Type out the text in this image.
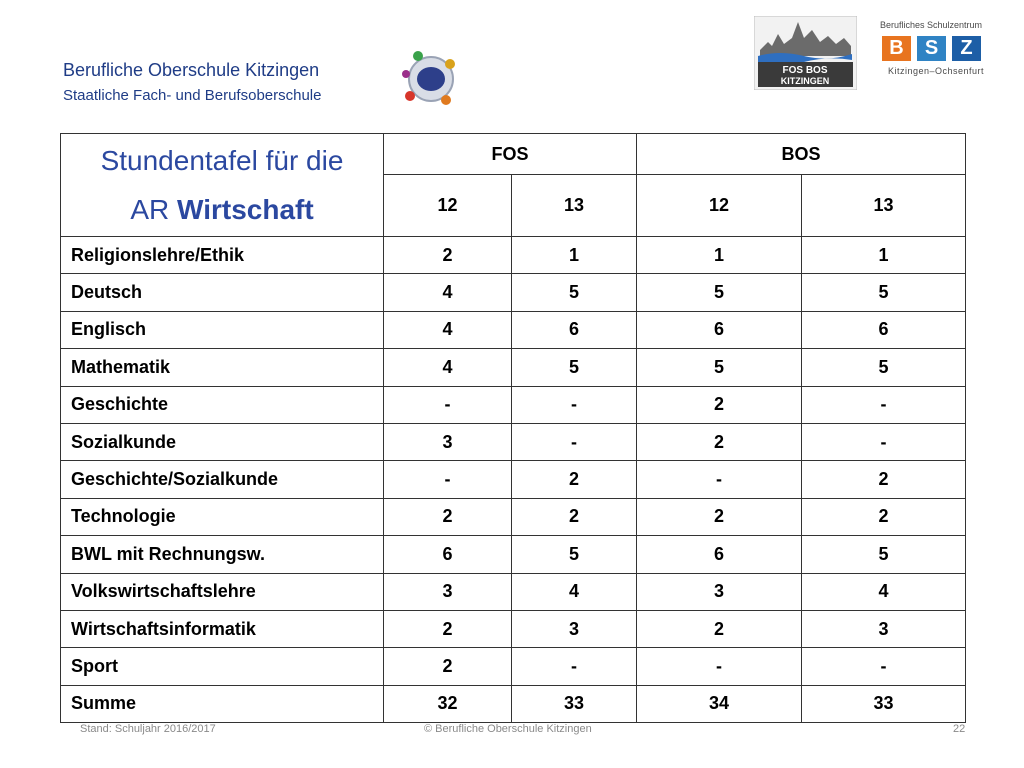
Berufliche Oberschule Kitzingen
Staatliche Fach- und Berufsoberschule
FOS BOS
KITZINGEN
Berufliches Schulzentrum
B	S	Z
Kitzingen–Ochsenfurt
Stundentafel für die
AR Wirtschaft	FOS		BOS	
	12	13	12	13
Religionslehre/Ethik	2	1	1	1
Deutsch	4	5	5	5
Englisch	4	6	6	6
Mathematik	4	5	5	5
Geschichte	-	-	2	-
Sozialkunde	3	-	2	-
Geschichte/Sozialkunde	-	2	-	2
Technologie	2	2	2	2
BWL mit Rechnungsw.	6	5	6	5
Volkswirtschaftslehre	3	4	3	4
Wirtschaftsinformatik	2	3	2	3
Sport	2	-	-	-
Summe	32	33	34	33
Stand: Schuljahr 2016/2017	© Berufliche Oberschule Kitzingen	22
